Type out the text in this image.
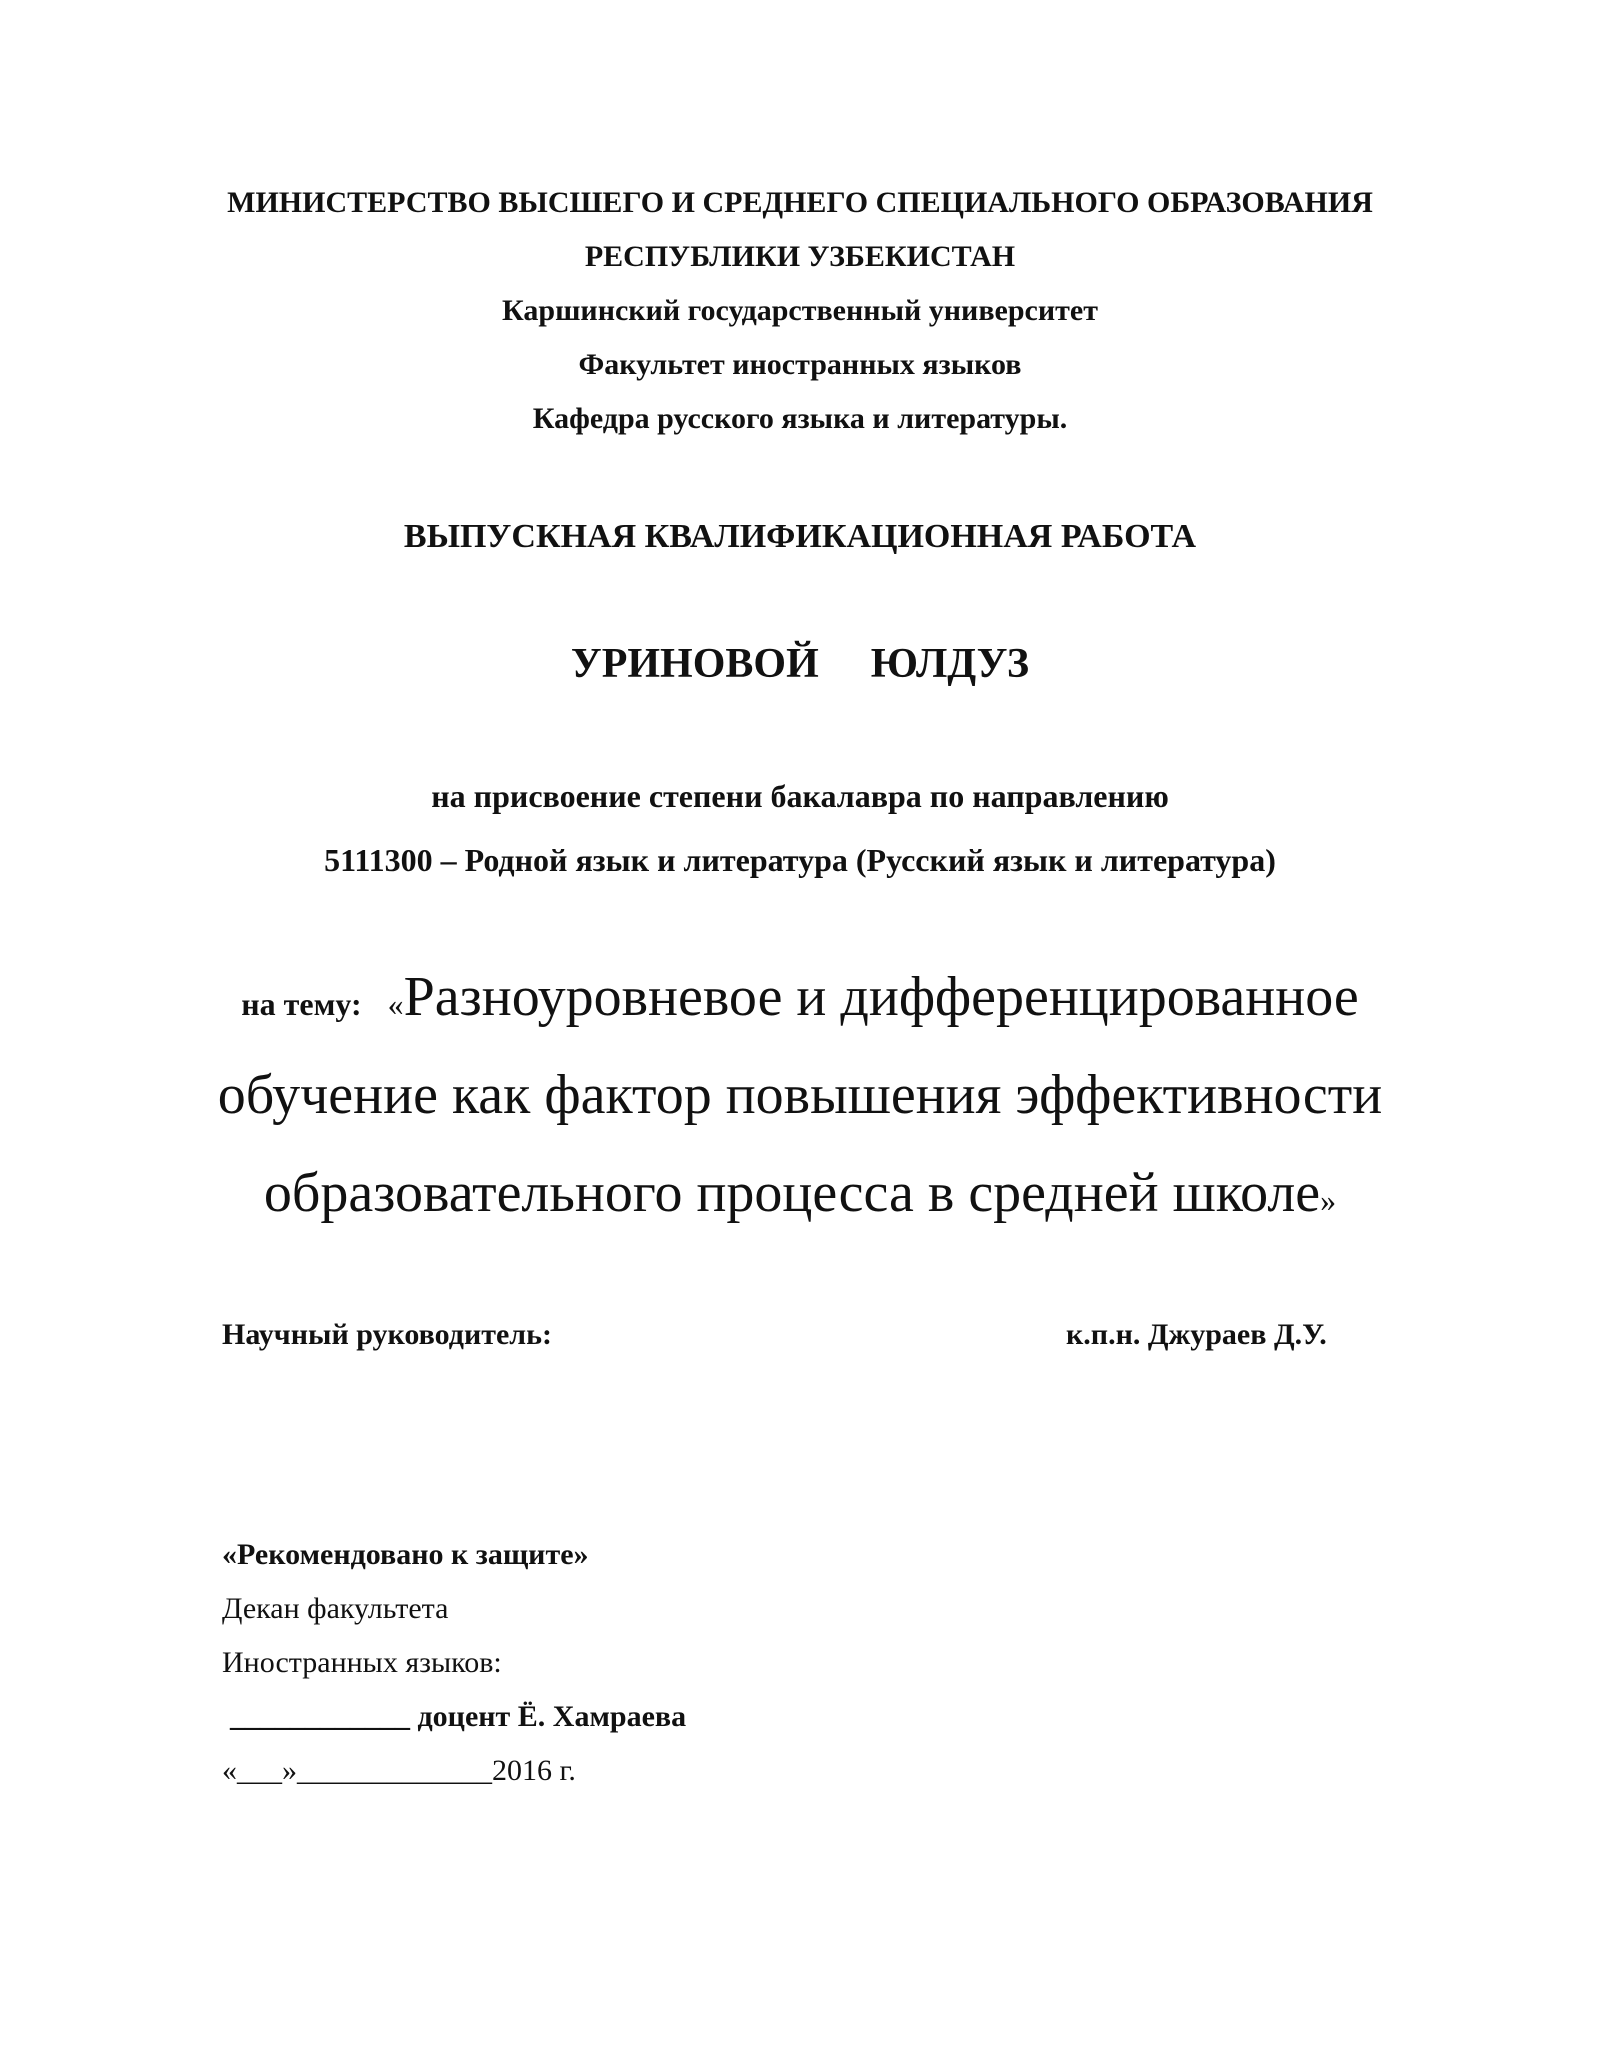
МИНИСТЕРСТВО ВЫСШЕГО И СРЕДНЕГО СПЕЦИАЛЬНОГО ОБРАЗОВАНИЯ
РЕСПУБЛИКИ УЗБЕКИСТАН
Каршинский государственный университет
Факультет иностранных языков
Кафедра русского языка и литературы.
ВЫПУСКНАЯ КВАЛИФИКАЦИОННАЯ РАБОТА
УРИНОВОЙ ЮЛДУЗ
на присвоение степени бакалавра по направлению
5111300 – Родной язык и литература (Русский язык и литература)
на тему: «Разноуровневое и дифференцированное
обучение как фактор повышения эффективности
образовательного процесса в средней школе»
Научный руководитель:	к.п.н. Джураев Д.У.
«Рекомендовано к защите»
Декан факультета
Иностранных языков:
____________ доцент Ё. Хамраева
«___»_____________2016 г.
